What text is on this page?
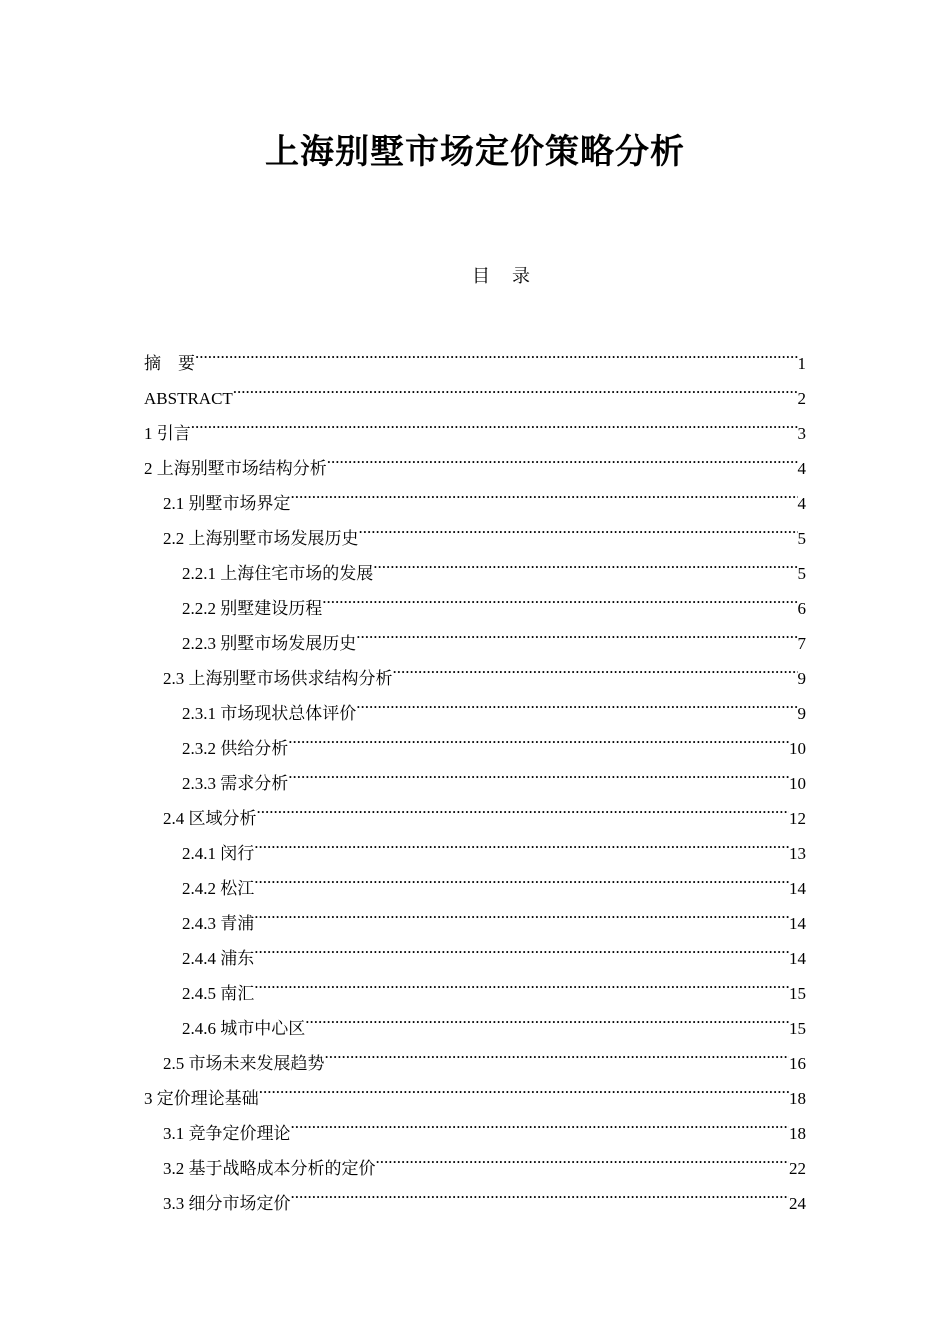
上海别墅市场定价策略分析
目 录
摘　要 .....	1
ABSTRACT .....	2
1 引言 .....	3
2 上海别墅市场结构分析 .....	4
2.1 别墅市场界定 .....	4
2.2 上海别墅市场发展历史 .....	5
2.2.1 上海住宅市场的发展 .....	5
2.2.2 别墅建设历程 .....	6
2.2.3 别墅市场发展历史 .....	7
2.3 上海别墅市场供求结构分析 .....	9
2.3.1 市场现状总体评价 .....	9
2.3.2 供给分析 .....	10
2.3.3 需求分析 .....	10
2.4 区域分析 .....	12
2.4.1 闵行 .....	13
2.4.2 松江 .....	14
2.4.3 青浦 .....	14
2.4.4 浦东 .....	14
2.4.5 南汇 .....	15
2.4.6 城市中心区 .....	15
2.5 市场未来发展趋势 .....	16
3 定价理论基础 .....	18
3.1 竞争定价理论 .....	18
3.2 基于战略成本分析的定价 .....	22
3.3 细分市场定价 .....	24
